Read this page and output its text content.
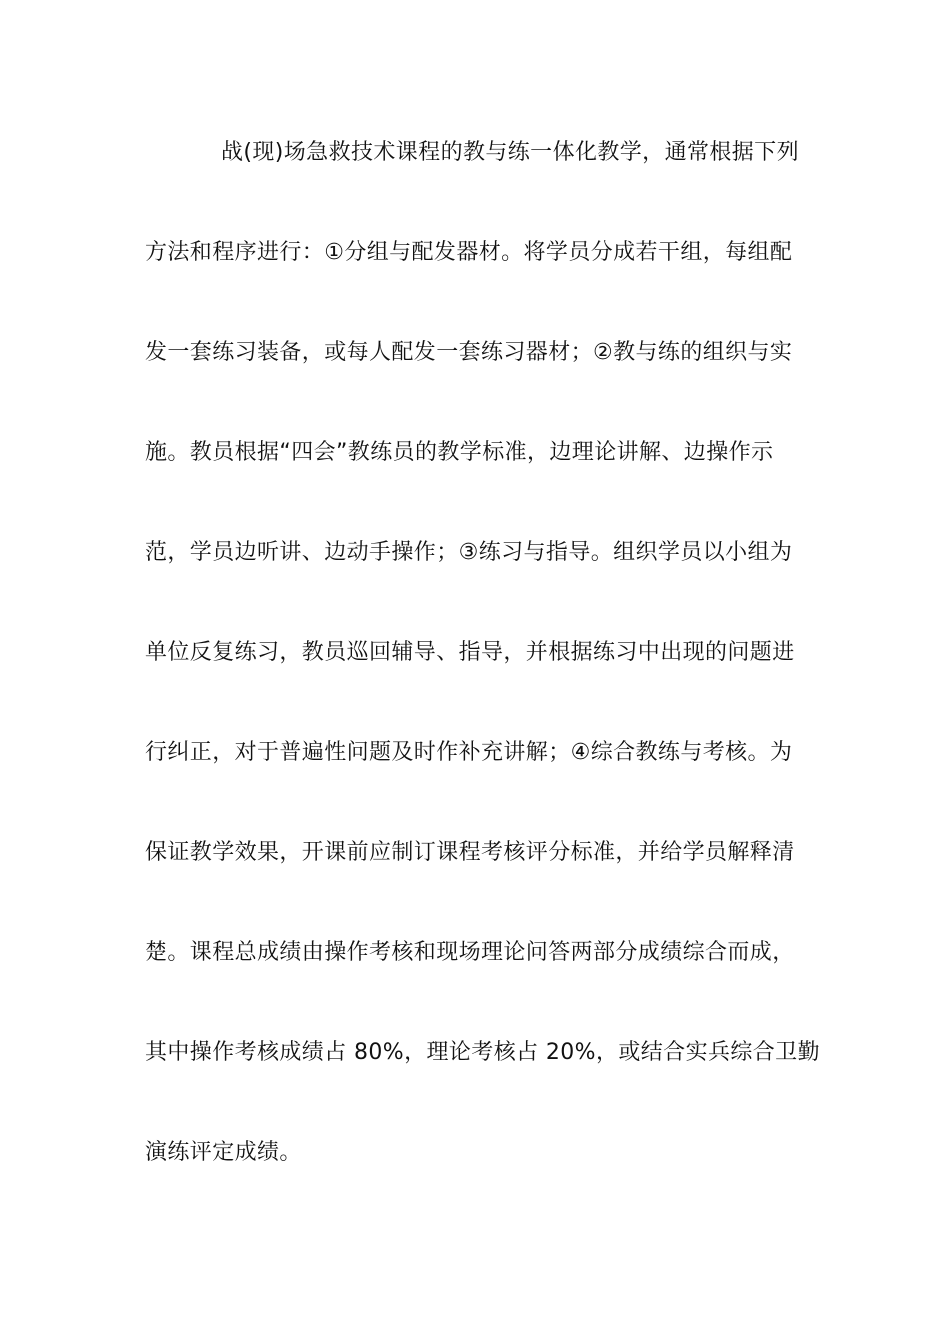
战(现)场急救技术课程的教与练一体化教学，通常根据下列
方法和程序进行：①分组与配发器材。将学员分成若干组，每组配
发一套练习装备，或每人配发一套练习器材；②教与练的组织与实
施。教员根据“四会”教练员的教学标准，边理论讲解、边操作示
范，学员边听讲、边动手操作；③练习与指导。组织学员以小组为
单位反复练习，教员巡回辅导、指导，并根据练习中出现的问题进
行纠正，对于普遍性问题及时作补充讲解；④综合教练与考核。为
保证教学效果，开课前应制订课程考核评分标准，并给学员解释清
楚。课程总成绩由操作考核和现场理论问答两部分成绩综合而成，
其中操作考核成绩占 80%，理论考核占 20%，或结合实兵综合卫勤
演练评定成绩。
